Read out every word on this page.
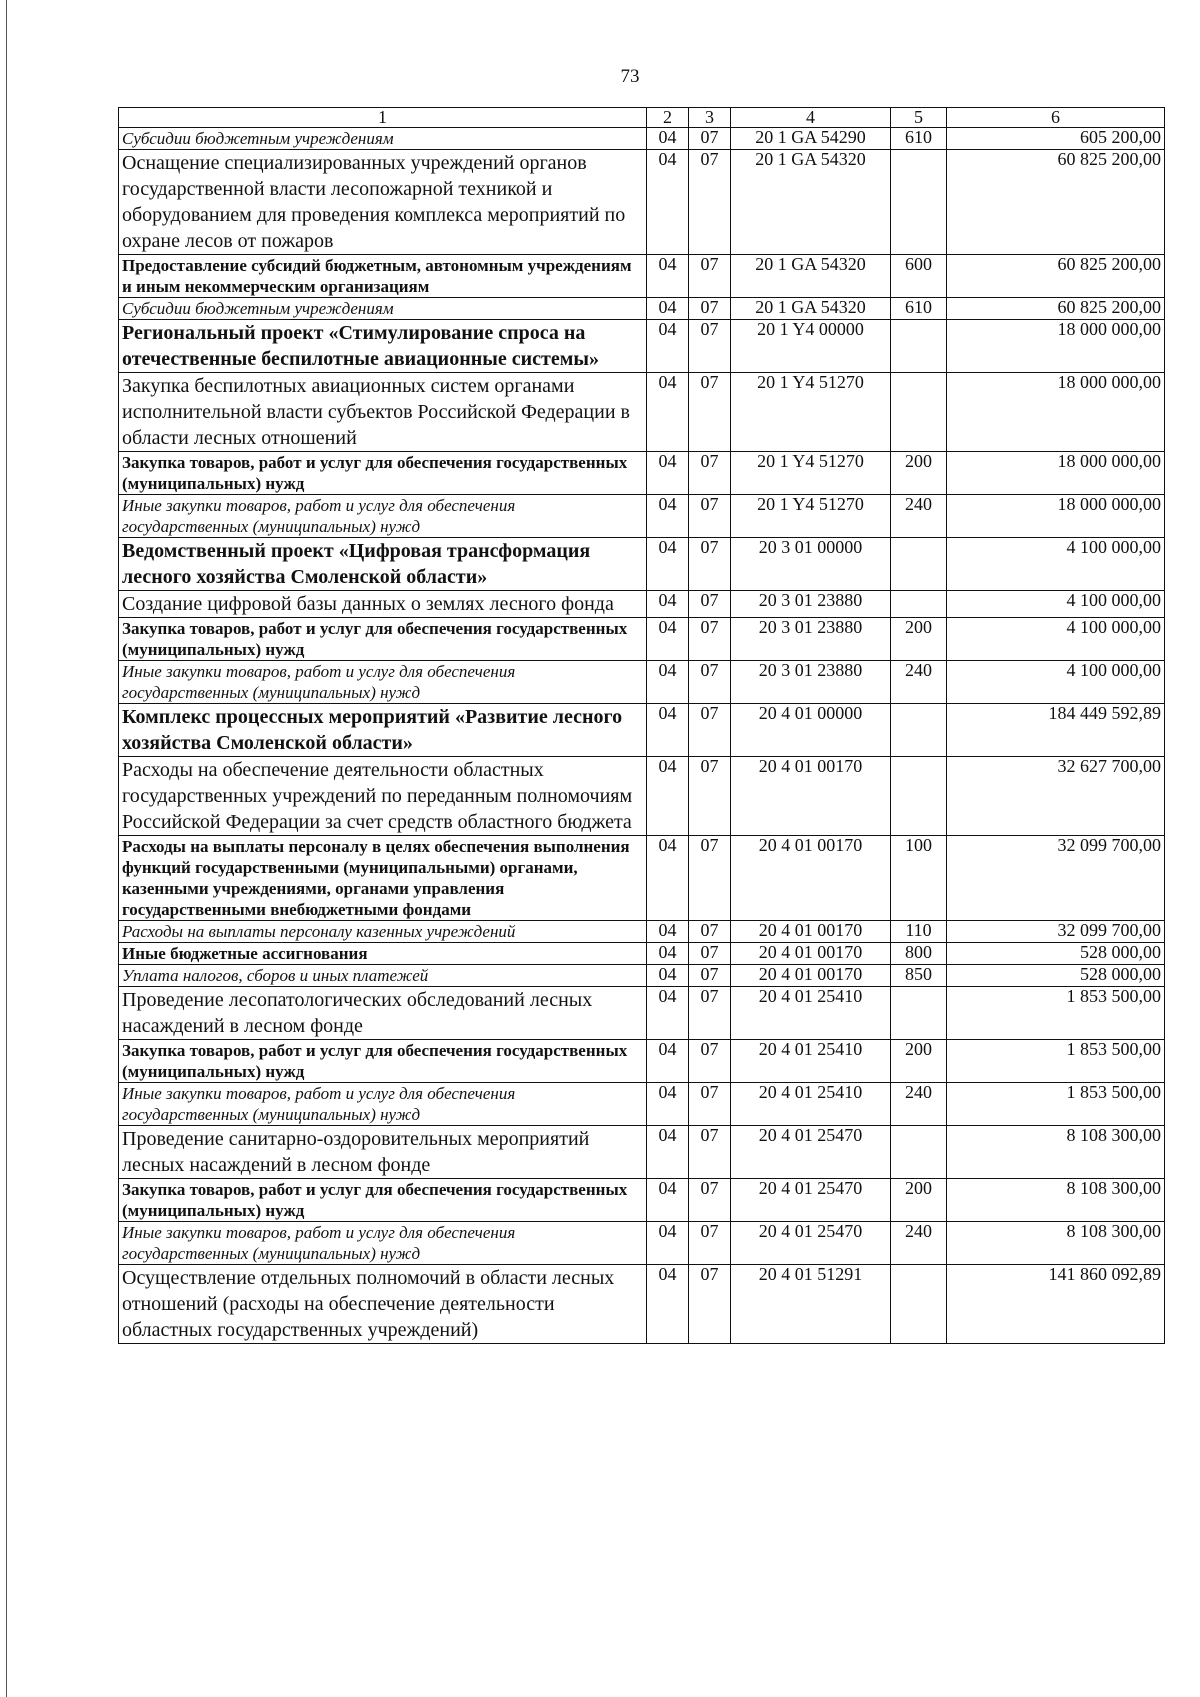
73
1	2	3	4	5	6
Субсидии бюджетным учреждениям	04	07	20 1 GA 54290	610	605 200,00
Оснащение специализированных учреждений органов государственной власти лесопожарной техникой и оборудованием для проведения комплекса мероприятий по охране лесов от пожаров	04	07	20 1 GA 54320		60 825 200,00
Предоставление субсидий бюджетным, автономным учреждениям и иным некоммерческим организациям	04	07	20 1 GA 54320	600	60 825 200,00
Субсидии бюджетным учреждениям	04	07	20 1 GA 54320	610	60 825 200,00
Региональный проект «Стимулирование спроса на отечественные беспилотные авиационные системы»	04	07	20 1 Y4 00000		18 000 000,00
Закупка беспилотных авиационных систем органами исполнительной власти субъектов Российской Федерации в области лесных отношений	04	07	20 1 Y4 51270		18 000 000,00
Закупка товаров, работ и услуг для обеспечения государственных (муниципальных) нужд	04	07	20 1 Y4 51270	200	18 000 000,00
Иные закупки товаров, работ и услуг для обеспечения государственных (муниципальных) нужд	04	07	20 1 Y4 51270	240	18 000 000,00
Ведомственный проект «Цифровая трансформация лесного хозяйства Смоленской области»	04	07	20 3 01 00000		4 100 000,00
Создание цифровой базы данных о землях лесного фонда	04	07	20 3 01 23880		4 100 000,00
Закупка товаров, работ и услуг для обеспечения государственных (муниципальных) нужд	04	07	20 3 01 23880	200	4 100 000,00
Иные закупки товаров, работ и услуг для обеспечения государственных (муниципальных) нужд	04	07	20 3 01 23880	240	4 100 000,00
Комплекс процессных мероприятий «Развитие лесного хозяйства Смоленской области»	04	07	20 4 01 00000		184 449 592,89
Расходы на обеспечение деятельности областных государственных учреждений по переданным полномочиям Российской Федерации за счет средств областного бюджета	04	07	20 4 01 00170		32 627 700,00
Расходы на выплаты персоналу в целях обеспечения выполнения функций государственными (муниципальными) органами, казенными учреждениями, органами управления государственными внебюджетными фондами	04	07	20 4 01 00170	100	32 099 700,00
Расходы на выплаты персоналу казенных учреждений	04	07	20 4 01 00170	110	32 099 700,00
Иные бюджетные ассигнования	04	07	20 4 01 00170	800	528 000,00
Уплата налогов, сборов и иных платежей	04	07	20 4 01 00170	850	528 000,00
Проведение лесопатологических обследований лесных насаждений в лесном фонде	04	07	20 4 01 25410		1 853 500,00
Закупка товаров, работ и услуг для обеспечения государственных (муниципальных) нужд	04	07	20 4 01 25410	200	1 853 500,00
Иные закупки товаров, работ и услуг для обеспечения государственных (муниципальных) нужд	04	07	20 4 01 25410	240	1 853 500,00
Проведение санитарно-оздоровительных мероприятий лесных насаждений в лесном фонде	04	07	20 4 01 25470		8 108 300,00
Закупка товаров, работ и услуг для обеспечения государственных (муниципальных) нужд	04	07	20 4 01 25470	200	8 108 300,00
Иные закупки товаров, работ и услуг для обеспечения государственных (муниципальных) нужд	04	07	20 4 01 25470	240	8 108 300,00
Осуществление отдельных полномочий в области лесных отношений (расходы на обеспечение деятельности областных государственных учреждений)	04	07	20 4 01 51291		141 860 092,89
